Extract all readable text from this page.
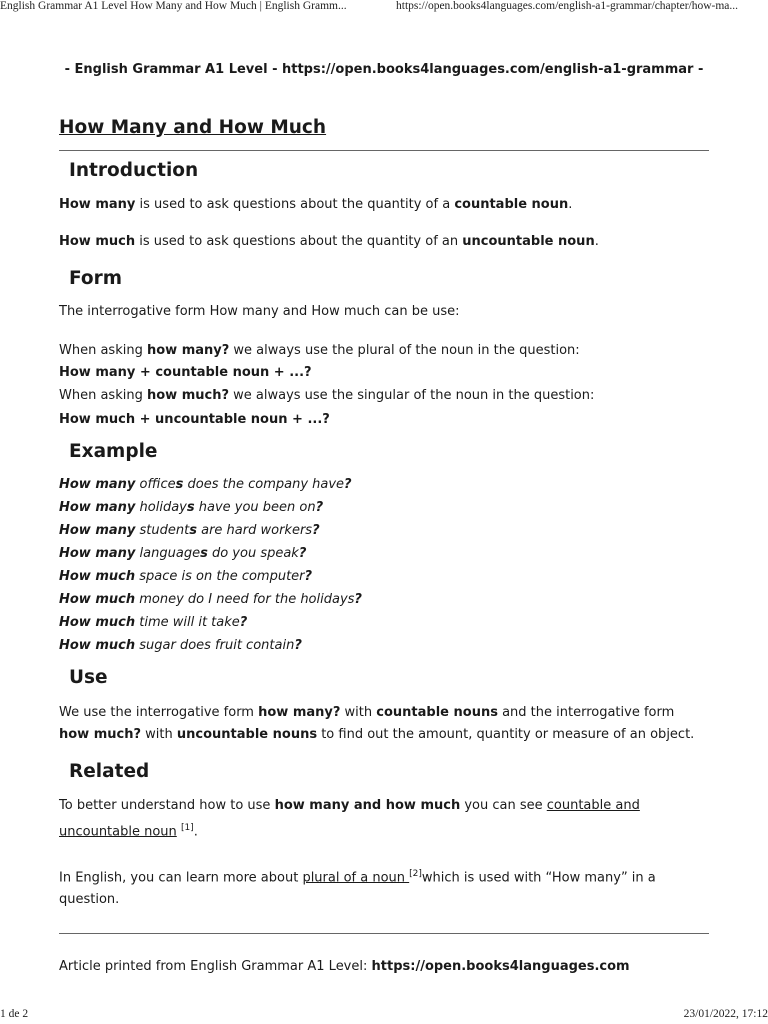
English Grammar A1 Level How Many and How Much | English Gramm...	https://open.books4languages.com/english-a1-grammar/chapter/how-ma...
- English Grammar A1 Level - https://open.books4languages.com/english-a1-grammar -
How Many and How Much
Introduction

How many is used to ask questions about the quantity of a countable noun.

How much is used to ask questions about the quantity of an uncountable noun.

Form

The interrogative form How many and How much can be use:

When asking how many? we always use the plural of the noun in the question:

How many + countable noun + ...?

When asking how much? we always use the singular of the noun in the question:

How much + uncountable noun + ...?

Example

How many offices does the company have?

How many holidays have you been on?

How many students are hard workers?

How many languages do you speak?

How much space is on the computer?

How much money do I need for the holidays?

How much time will it take?

How much sugar does fruit contain?

Use

We use the interrogative form how many? with countable nouns and the interrogative form
how much? with uncountable nouns to find out the amount, quantity or measure of an object.

Related

To better understand how to use how many and how much you can see countable and
uncountable noun [1].

In English, you can learn more about plural of a noun [2]which is used with “How many” in a
question.

Article printed from English Grammar A1 Level: https://open.books4languages.com

1 de 2	23/01/2022, 17:12
